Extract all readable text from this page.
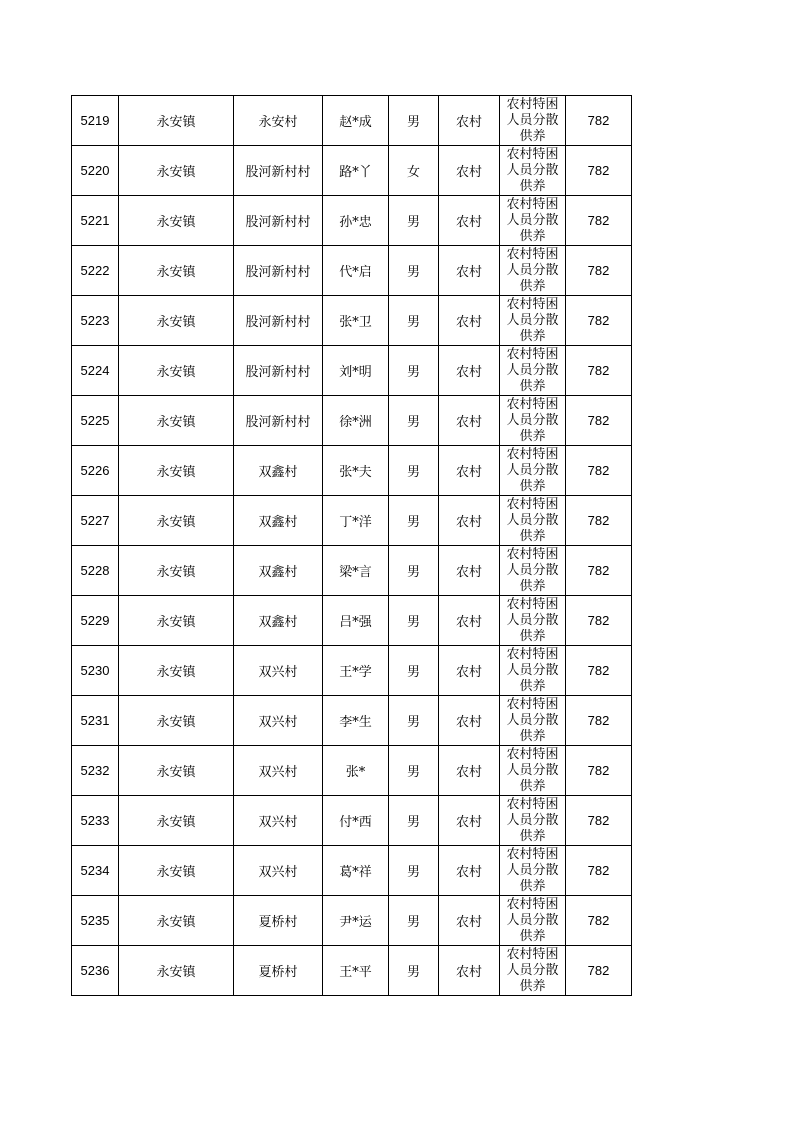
5219	永安镇	永安村	赵*成	男	农村	农村特困人员分散供养	782
5220	永安镇	股河新村村	路*丫	女	农村	农村特困人员分散供养	782
5221	永安镇	股河新村村	孙*忠	男	农村	农村特困人员分散供养	782
5222	永安镇	股河新村村	代*启	男	农村	农村特困人员分散供养	782
5223	永安镇	股河新村村	张*卫	男	农村	农村特困人员分散供养	782
5224	永安镇	股河新村村	刘*明	男	农村	农村特困人员分散供养	782
5225	永安镇	股河新村村	徐*洲	男	农村	农村特困人员分散供养	782
5226	永安镇	双鑫村	张*夫	男	农村	农村特困人员分散供养	782
5227	永安镇	双鑫村	丁*洋	男	农村	农村特困人员分散供养	782
5228	永安镇	双鑫村	梁*言	男	农村	农村特困人员分散供养	782
5229	永安镇	双鑫村	吕*强	男	农村	农村特困人员分散供养	782
5230	永安镇	双兴村	王*学	男	农村	农村特困人员分散供养	782
5231	永安镇	双兴村	李*生	男	农村	农村特困人员分散供养	782
5232	永安镇	双兴村	张*	男	农村	农村特困人员分散供养	782
5233	永安镇	双兴村	付*西	男	农村	农村特困人员分散供养	782
5234	永安镇	双兴村	葛*祥	男	农村	农村特困人员分散供养	782
5235	永安镇	夏桥村	尹*运	男	农村	农村特困人员分散供养	782
5236	永安镇	夏桥村	王*平	男	农村	农村特困人员分散供养	782
